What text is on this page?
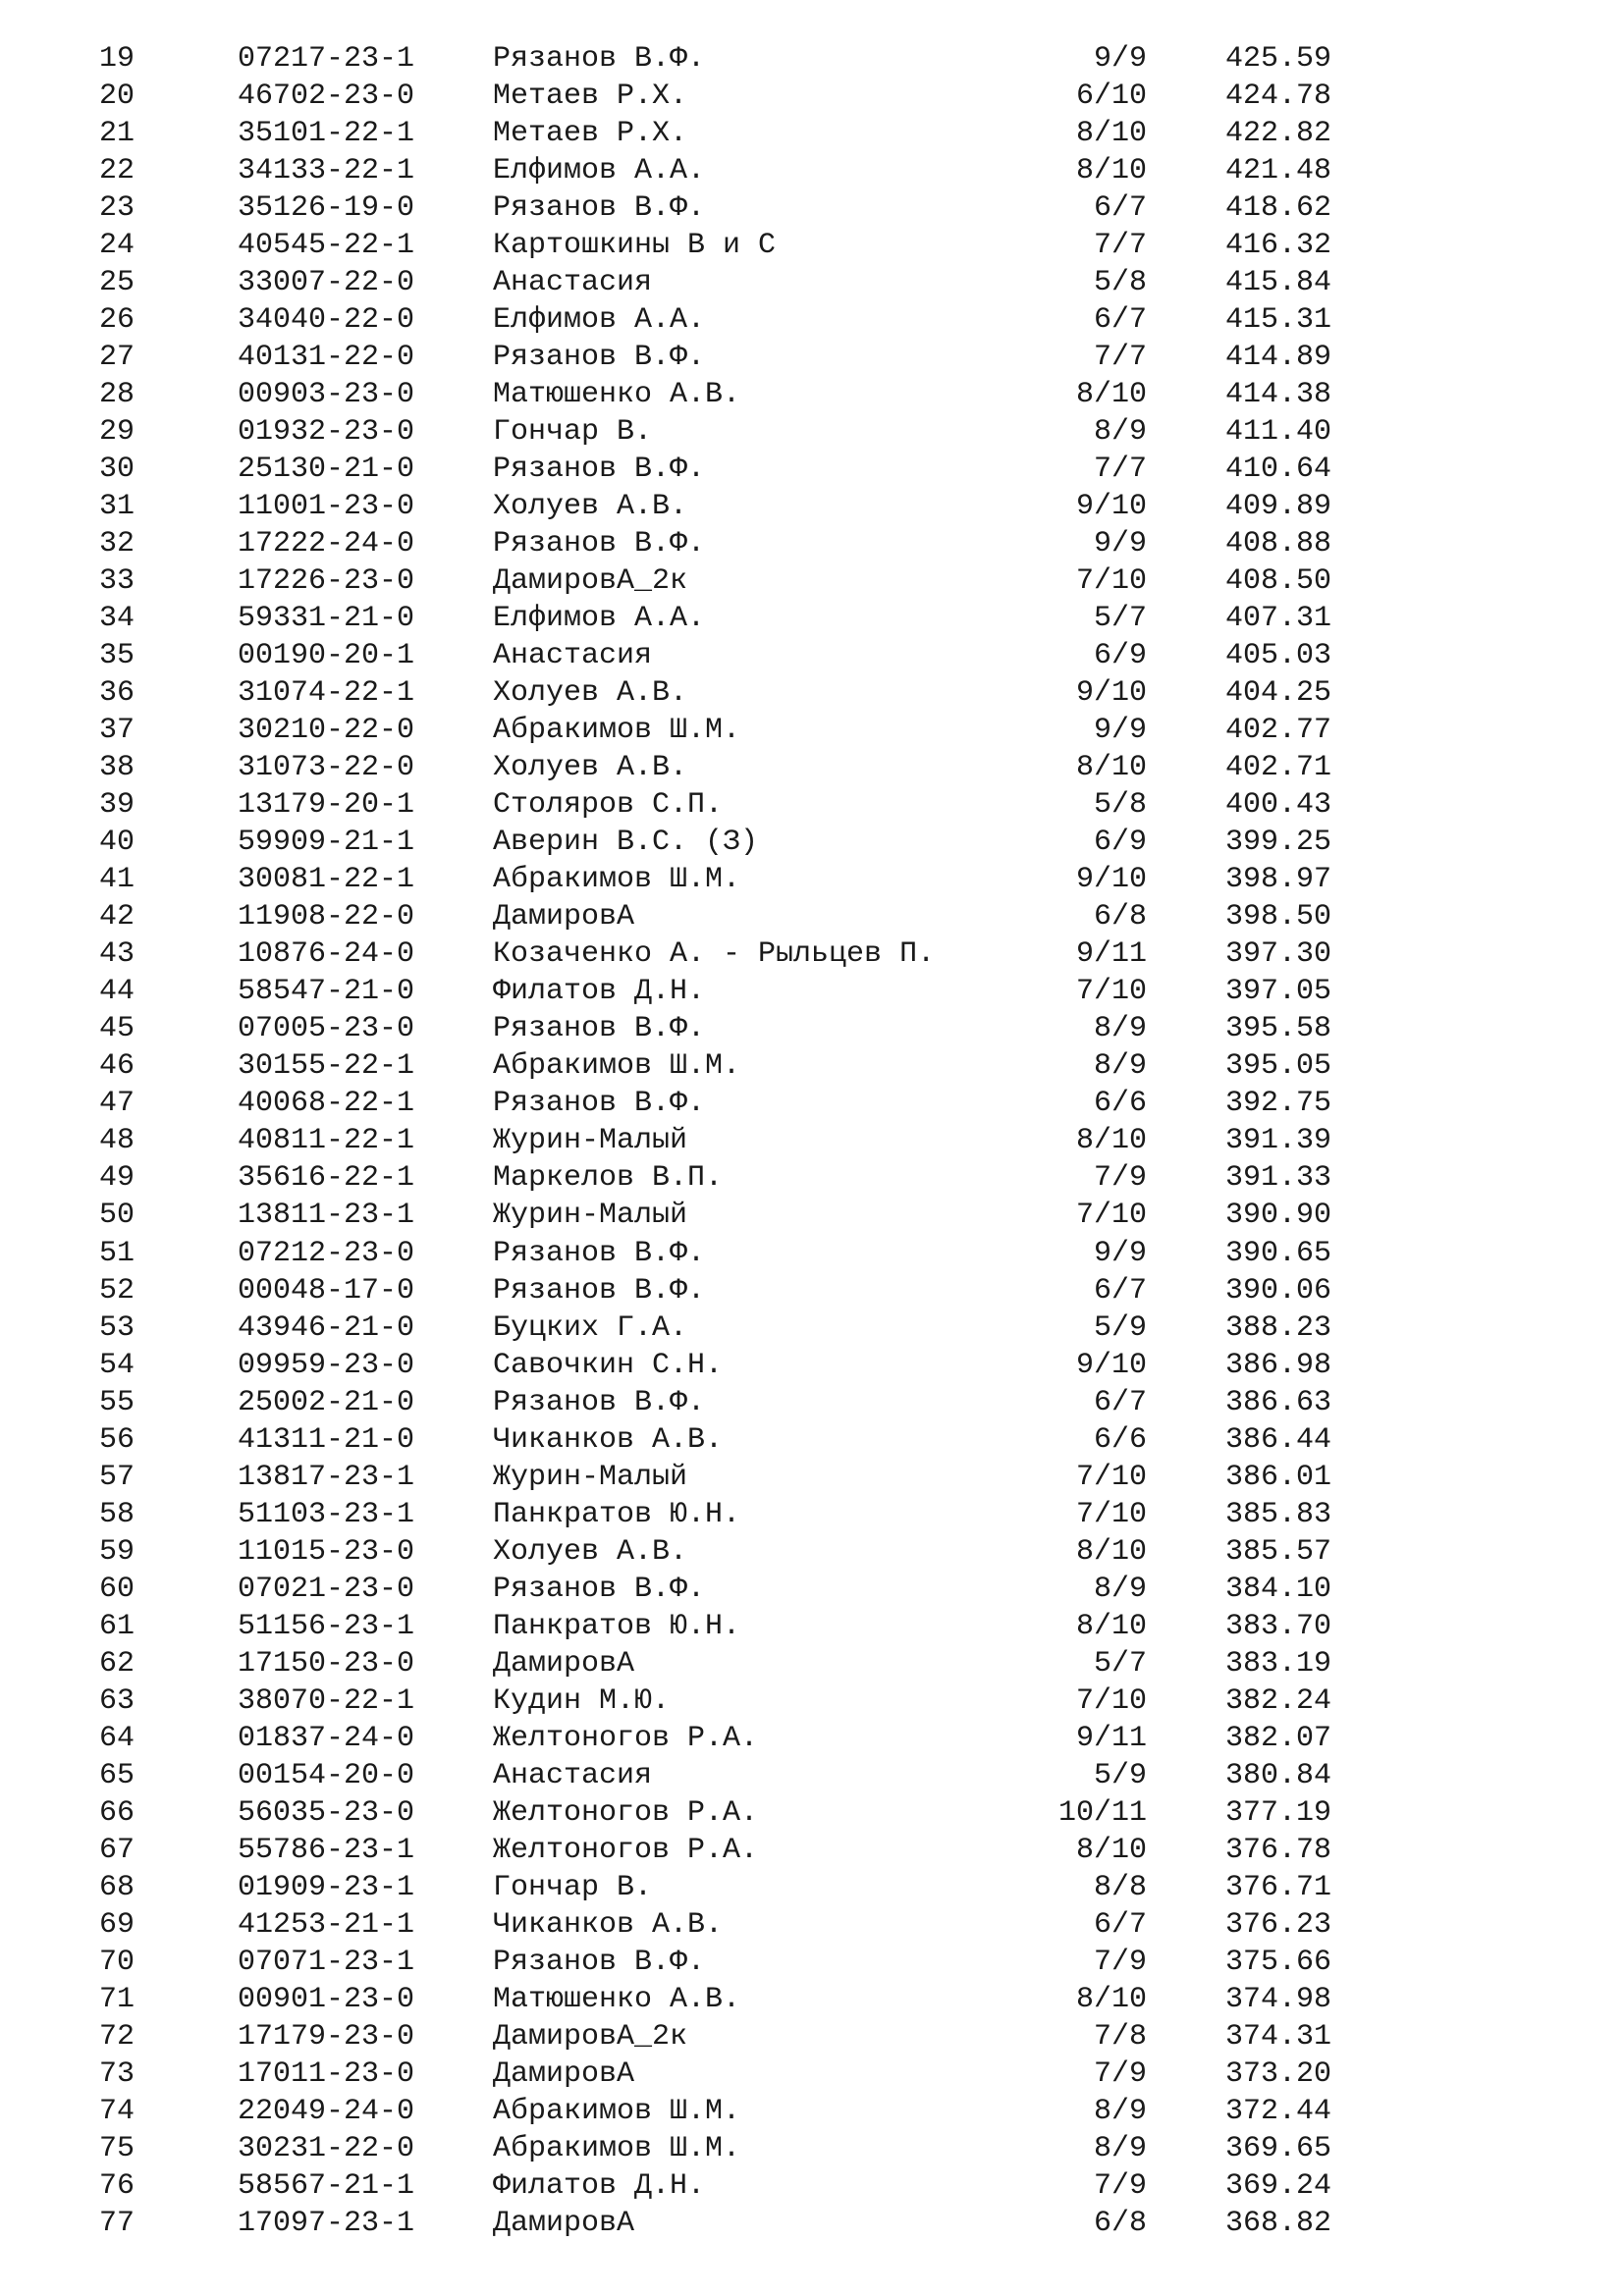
19	07217-23-1	Рязанов В.Ф.	9/9	425.59
20	46702-23-0	Метаев Р.Х.	6/10	424.78
21	35101-22-1	Метаев Р.Х.	8/10	422.82
22	34133-22-1	Елфимов А.А.	8/10	421.48
23	35126-19-0	Рязанов В.Ф.	6/7	418.62
24	40545-22-1	Картошкины В и С	7/7	416.32
25	33007-22-0	Анастасия	5/8	415.84
26	34040-22-0	Елфимов А.А.	6/7	415.31
27	40131-22-0	Рязанов В.Ф.	7/7	414.89
28	00903-23-0	Матюшенко А.В.	8/10	414.38
29	01932-23-0	Гончар В.	8/9	411.40
30	25130-21-0	Рязанов В.Ф.	7/7	410.64
31	11001-23-0	Холуев А.В.	9/10	409.89
32	17222-24-0	Рязанов В.Ф.	9/9	408.88
33	17226-23-0	ДамировА_2к	7/10	408.50
34	59331-21-0	Елфимов А.А.	5/7	407.31
35	00190-20-1	Анастасия	6/9	405.03
36	31074-22-1	Холуев А.В.	9/10	404.25
37	30210-22-0	Абракимов Ш.М.	9/9	402.77
38	31073-22-0	Холуев А.В.	8/10	402.71
39	13179-20-1	Столяров С.П.	5/8	400.43
40	59909-21-1	Аверин В.С. (З)	6/9	399.25
41	30081-22-1	Абракимов Ш.М.	9/10	398.97
42	11908-22-0	ДамировА	6/8	398.50
43	10876-24-0	Козаченко А. - Рыльцев П.	9/11	397.30
44	58547-21-0	Филатов Д.Н.	7/10	397.05
45	07005-23-0	Рязанов В.Ф.	8/9	395.58
46	30155-22-1	Абракимов Ш.М.	8/9	395.05
47	40068-22-1	Рязанов В.Ф.	6/6	392.75
48	40811-22-1	Журин-Малый	8/10	391.39
49	35616-22-1	Маркелов В.П.	7/9	391.33
50	13811-23-1	Журин-Малый	7/10	390.90
51	07212-23-0	Рязанов В.Ф.	9/9	390.65
52	00048-17-0	Рязанов В.Ф.	6/7	390.06
53	43946-21-0	Буцких Г.А.	5/9	388.23
54	09959-23-0	Савочкин С.Н.	9/10	386.98
55	25002-21-0	Рязанов В.Ф.	6/7	386.63
56	41311-21-0	Чиканков А.В.	6/6	386.44
57	13817-23-1	Журин-Малый	7/10	386.01
58	51103-23-1	Панкратов Ю.Н.	7/10	385.83
59	11015-23-0	Холуев А.В.	8/10	385.57
60	07021-23-0	Рязанов В.Ф.	8/9	384.10
61	51156-23-1	Панкратов Ю.Н.	8/10	383.70
62	17150-23-0	ДамировА	5/7	383.19
63	38070-22-1	Кудин М.Ю.	7/10	382.24
64	01837-24-0	Желтоногов Р.А.	9/11	382.07
65	00154-20-0	Анастасия	5/9	380.84
66	56035-23-0	Желтоногов Р.А.	10/11	377.19
67	55786-23-1	Желтоногов Р.А.	8/10	376.78
68	01909-23-1	Гончар В.	8/8	376.71
69	41253-21-1	Чиканков А.В.	6/7	376.23
70	07071-23-1	Рязанов В.Ф.	7/9	375.66
71	00901-23-0	Матюшенко А.В.	8/10	374.98
72	17179-23-0	ДамировА_2к	7/8	374.31
73	17011-23-0	ДамировА	7/9	373.20
74	22049-24-0	Абракимов Ш.М.	8/9	372.44
75	30231-22-0	Абракимов Ш.М.	8/9	369.65
76	58567-21-1	Филатов Д.Н.	7/9	369.24
77	17097-23-1	ДамировА	6/8	368.82
